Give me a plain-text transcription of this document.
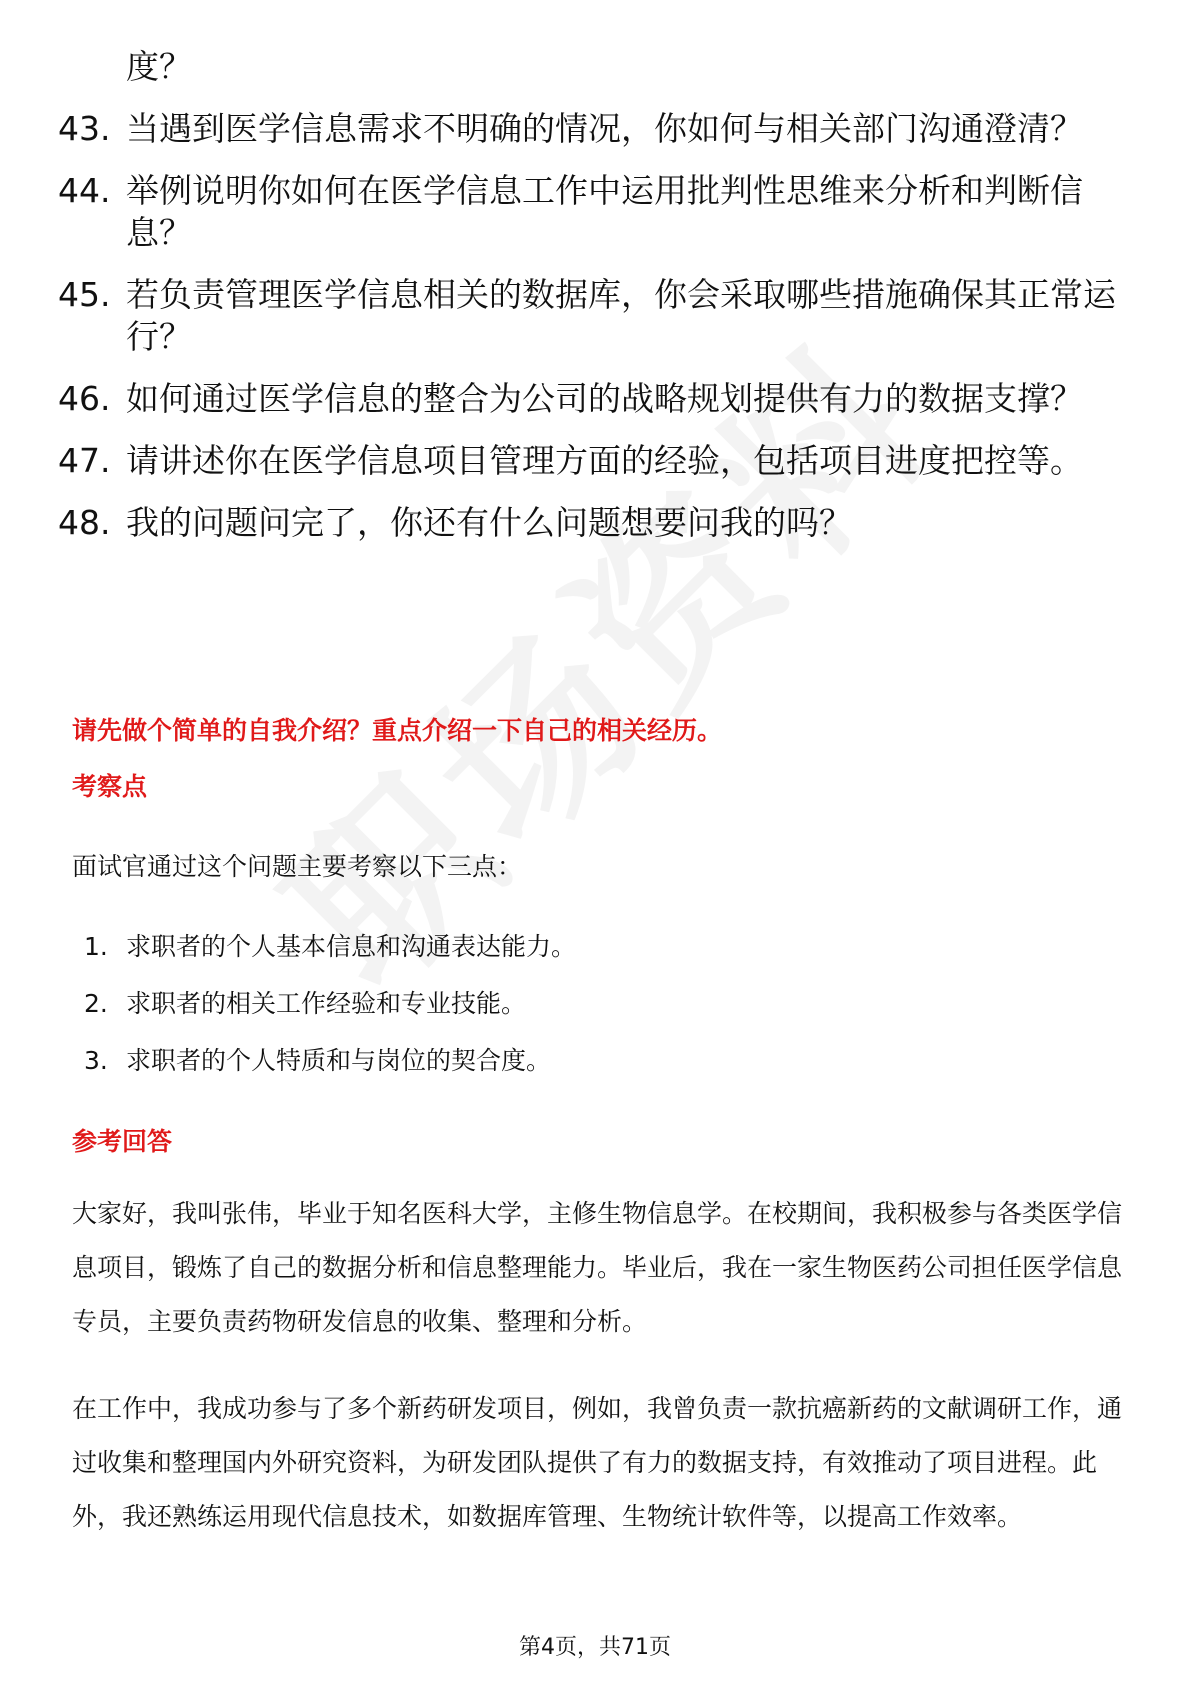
度？
43. 当遇到医学信息需求不明确的情况，你如何与相关部门沟通澄清？
44. 举例说明你如何在医学信息工作中运用批判性思维来分析和判断信息？
45. 若负责管理医学信息相关的数据库，你会采取哪些措施确保其正常运行？
46. 如何通过医学信息的整合为公司的战略规划提供有力的数据支撑？
47. 请讲述你在医学信息项目管理方面的经验，包括项目进度把控等。
48. 我的问题问完了，你还有什么问题想要问我的吗？
请先做个简单的自我介绍？重点介绍一下自己的相关经历。
考察点

面试官通过这个问题主要考察以下三点：

1. 求职者的个人基本信息和沟通表达能力。
2. 求职者的相关工作经验和专业技能。
3. 求职者的个人特质和与岗位的契合度。
参考回答

大家好，我叫张伟，毕业于知名医科大学，主修生物信息学。在校期间，我积极参与各类医学信息项目，锻炼了自己的数据分析和信息整理能力。毕业后，我在一家生物医药公司担任医学信息专员，主要负责药物研发信息的收集、整理和分析。

在工作中，我成功参与了多个新药研发项目，例如，我曾负责一款抗癌新药的文献调研工作，通过收集和整理国内外研究资料，为研发团队提供了有力的数据支持，有效推动了项目进程。此外，我还熟练运用现代信息技术，如数据库管理、生物统计软件等，以提高工作效率。

第4页，共71页
